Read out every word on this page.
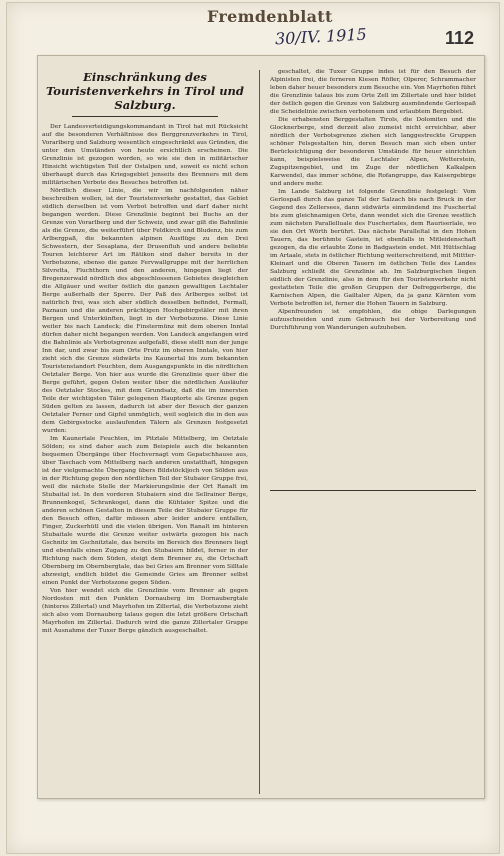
Fremdenblatt
30/IV. 1915	112
Einschränkung des Touristenverkehrs in Tirol und Salzburg.

Der Landesverteidigungskommandant in Tirol hat mit Rücksicht auf die besonderen Verhältnisse des Berggrenzverkehrs in Tirol, Vorarlberg und Salzburg wesentlich eingeschränkt aus Gründen, die unter den Umständen von heute ersichtlich erscheinen. Die Grenzlinie ist gezogen worden, so wie sie den in militärischer Hinsicht wichtigsten Teil der Ostalpen und, soweit es nicht schon überhaupt durch das Kriegsgebiet jenseits des Brenners mit dem militärischen Verbote des Besuches betroffen ist.

Nördlich dieser Linie, die wir im nachfolgenden näher beschreiben wollen, ist der Touristenverkehr gestattet, das Gebiet südlich derselben ist vom Verbot betroffen und darf daher nicht begangen werden. Diese Grenzlinie beginnt bei Buchs an der Grenze von Vorarlberg und der Schweiz, und zwar gilt die Bahnlinie als die Grenze, die weiterführt über Feldkirch und Bludenz, bis zum Arlbergpaß, die bekannten alpinen Ausflüge zu den Drei Schwestern, der Sesaplana, der Drusenfluh und andere beliebte Touren leichterer Art im Rätikon sind daher bereits in der Verbotszone, ebenso die ganze Fervwallgruppe mit der herrlichen Silvretta, Fluchthorn und den anderen, hingegen liegt der Bregenzerwald nördlich des abgeschlossenen Gebietes desgleichen die Allgäuer und weiter östlich die ganzen gewaltigen Lechtaler Berge außerhalb der Sperre. Der Paß des Arlberges selbst ist natürlich frei, was sich aber südlich desselben befindet, Fermall, Paznaun und die anderen prächtigen Hochgebirgstäler mit ihren Bergen und Unterkünften, liegt in der Verbotszone. Diese Linie weiter bis nach Landeck; die Finstermünz mit dem oberen Inntal dürfen daher nicht begangen werden. Von Landeck angefangen wird die Bahnlinie als Verbotsgrenze aufgefaßt, diese stellt nun der junge Inn dar, und zwar bis zum Orte Prutz im oberen Inntale, von hier zieht sich die Grenze südwärts ins Kaunertal bis zum bekannten Touristenstandort Feuchten, dem Ausgangspunkte in die nördlichen Oetztaler Berge. Von hier aus wurde die Grenzlinie quer über die Berge geführt, gegen Osten weiter über die nördlichen Ausläufer des Oetztaler Stockes, mit dem Grundsatz, daß die im innersten Teile der wichtigsten Täler gelegenen Hauptorte als Grenze gegen Süden gelten zu lassen, dadurch ist aber der Besuch der ganzen Oetztaler Ferner und Gipfel unmöglich, weil sogleich die in den aus dem Gebirgsstocke auslaufenden Tälern als Grenzen festgesetzt wurden:

Im Kaunertale Feuchten, im Pitztale Mittelberg, im Oetztale Sölden; es sind daher auch zum Beispiele auch die bekannten bequemen Übergänge über Hochvernagt vom Gepatschhause aus, über Taschach vom Mittelberg nach anderen unstatthaft, hingegen ist der vielgemachte Übergang übers Bildstöckljoch von Sölden aus in der Richtung gegen den nördlichen Teil der Stubaier Gruppe frei, weil die nächste Stelle der Markierungslinie der Ort Ranalt im Stubaital ist. In den vorderen Stubaiern sind die Sellrainer Berge, Brunnenkogel, Schrankogel, dann die Kühtaier Spitze und die anderen schönen Gestalten in diesem Teile der Stubaier Gruppe für den Besuch offen, dafür müssen aber leider andere entfallen, Finger, Zuckerhütl und die vielen übrigen. Von Ranalt im hinteren Stubaitale wurde die Grenze weiter ostwärts gezogen bis nach Gschnitz im Gschnitztale, das bereits im Bereich des Brenners liegt und ebenfalls einen Zugang zu den Stubaiern bildet, ferner in der Richtung nach dem Süden, steigt dem Brenner zu, die Ortschaft Obernberg im Obernbergtale, das bei Gries am Brenner vom Silltale abzweigt, endlich bildet die Gemeinde Gries am Brenner selbst einen Punkt der Verbotszone gegen Süden.

Von hier wendet sich die Grenzlinie vom Brenner ab gegen Nordosten mit den Punkten Dornauberg im Dornaubergtale (hinteres Zillertal) und Mayrhofen im Zillertal, die Verbotszone zieht sich also vom Dornauberg talaus gegen die letzt größere Ortschaft Mayrhofen im Zillertal. Dadurch wird die ganze Zillertaler Gruppe mit Ausnahme der Tuxer Berge gänzlich ausgeschaltet.

geschaltet, die Tuxer Gruppe indes ist für den Besuch der Alpinisten frei, die ferneren Kiesen Röfler, Olperer, Schrammacher leben daher heuer besonders zum Besuche ein. Von Mayrhofen führt die Grenzlinie talaus bis zum Orte Zell im Zillertale und hier bildet der östlich gegen die Grenze von Salzburg ausmündende Gerlospaß die Scheidelinie zwischen verbotenem und erlaubtem Bergebiet.

Die erhabensten Berggestalten Tirols, die Dolomiten und die Glocknerberge, sind derzeit also zumeist nicht erreichbar, aber nördlich der Verbotsgrenze ziehen sich langgestreckte Gruppen schöner Felsgestalten hin, deren Besuch man sich eben unter Berücksichtigung der besonderen Umstände für heuer einrichten kann, beispielsweise die Lechtaler Alpen, Wetterstein, Zugspitzengebiet, und im Zuge der nördlichen Kalkalpen Karwendel, das immer schöne, die Rofangruppe, das Kaisergebirge und andere mehr.

Im Lande Salzburg ist folgende Grenzlinie festgelegt: Vom Gerlospaß durch das ganze Tal der Salzach bis nach Bruck in der Gegend des Zellersees, dann südwärts einmündend ins Fuschertal bis zum gleichnamigen Orte, dann wendet sich die Grenze westlich zum nächsten Parallelluale des Fuschertales, dem Rauriserlale, wo sie den Ort Wörth berührt. Das nächste Paralleltal in den Hohen Tauern, das berühmte Gastein, ist ebenfalls in Mitleidenschaft gezogen, da die erlaubte Zone in Badgastein endet. Mit Hüttschlag im Artaale, stets in östlicher Richtung weiterschreitend, mit Mittter-Kleinarl und die Oberen Tauern im östlichen Teile des Landes Salzburg schließt die Grenzlinie ab. Im Salzburgischen liegen südlich der Grenzlinie, also in dem für den Touristenverkehr nicht gestatteten Teile die großen Gruppen der Defreggerberge, die Karnischen Alpen, die Gailtaler Alpen, da ja ganz Kärnten vom Verbote betroffen ist, ferner die Hohen Tauern in Salzburg.

Alpenfreunden ist empfohlen, die obige Darlegungen aufzuschneiden und zum Gebrauch bei der Vorbereitung und Durchführung von Wanderungen aufzuheben.
